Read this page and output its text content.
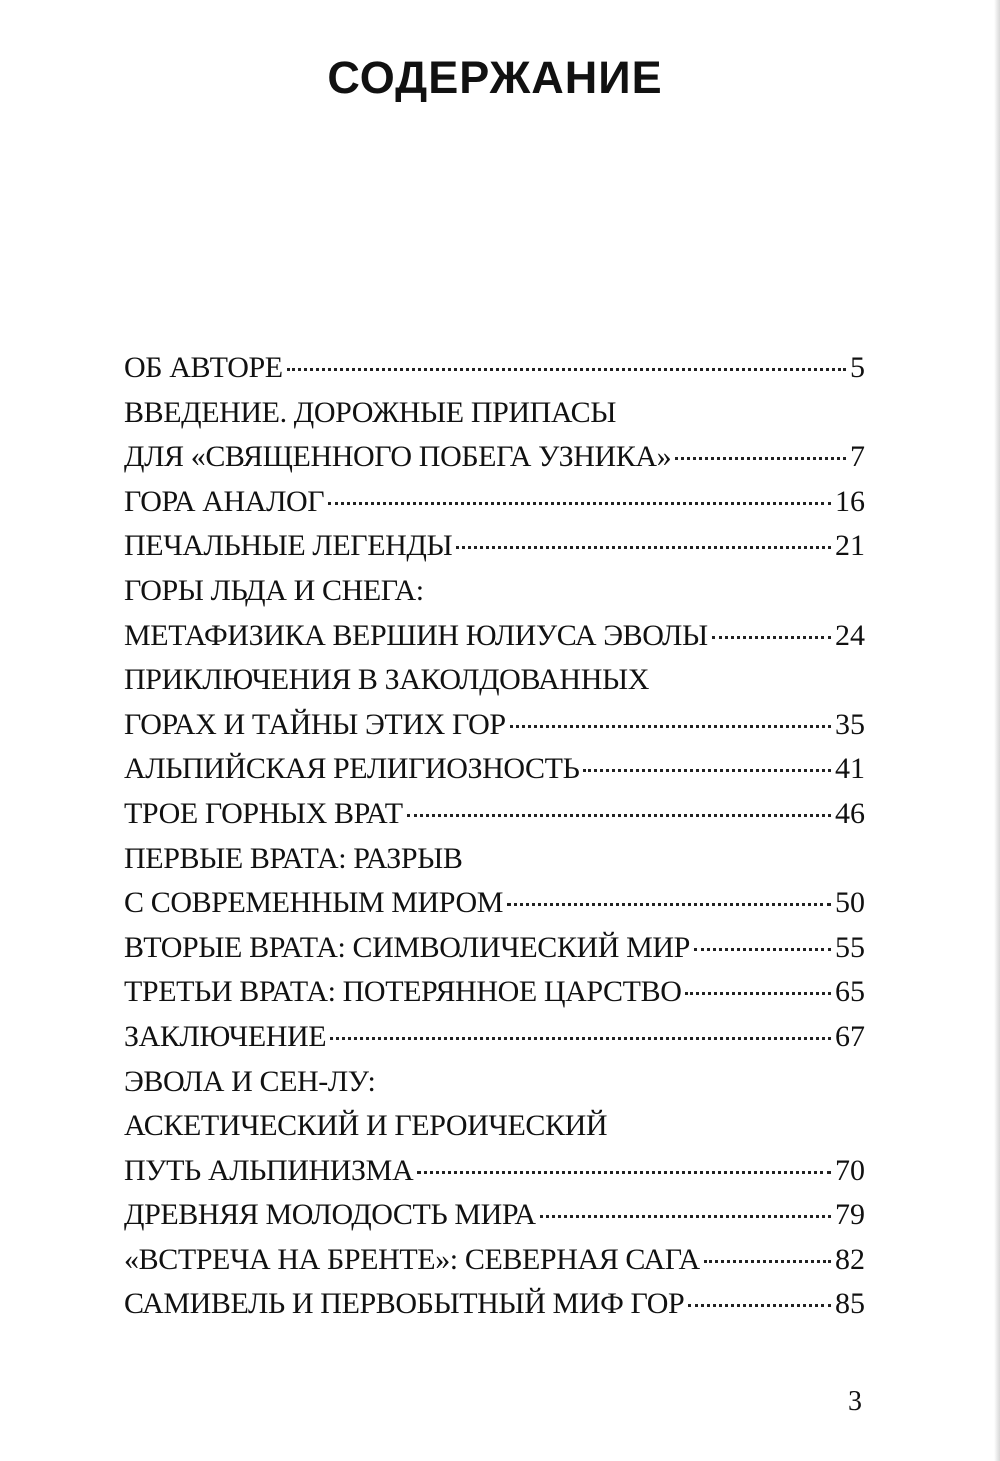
СОДЕРЖАНИЕ
ОБ АВТОРЕ	5
ВВЕДЕНИЕ. ДОРОЖНЫЕ ПРИПАСЫ
ДЛЯ «СВЯЩЕННОГО ПОБЕГА УЗНИКА»	7
ГОРА АНАЛОГ	16
ПЕЧАЛЬНЫЕ ЛЕГЕНДЫ	21
ГОРЫ ЛЬДА И СНЕГА:
МЕТАФИЗИКА ВЕРШИН ЮЛИУСА ЭВОЛЫ	24
ПРИКЛЮЧЕНИЯ В ЗАКОЛДОВАННЫХ
ГОРАХ И ТАЙНЫ ЭТИХ ГОР	35
АЛЬПИЙСКАЯ РЕЛИГИОЗНОСТЬ	41
ТРОЕ ГОРНЫХ ВРАТ	46
ПЕРВЫЕ ВРАТА: РАЗРЫВ
С СОВРЕМЕННЫМ МИРОМ	50
ВТОРЫЕ ВРАТА: СИМВОЛИЧЕСКИЙ МИР	55
ТРЕТЬИ ВРАТА: ПОТЕРЯННОЕ ЦАРСТВО	65
ЗАКЛЮЧЕНИЕ	67
ЭВОЛА И СЕН-ЛУ:
АСКЕТИЧЕСКИЙ И ГЕРОИЧЕСКИЙ
ПУТЬ АЛЬПИНИЗМА	70
ДРЕВНЯЯ МОЛОДОСТЬ МИРА	79
«ВСТРЕЧА НА БРЕНТЕ»: СЕВЕРНАЯ САГА	82
САМИВЕЛЬ И ПЕРВОБЫТНЫЙ МИФ ГОР	85
3
